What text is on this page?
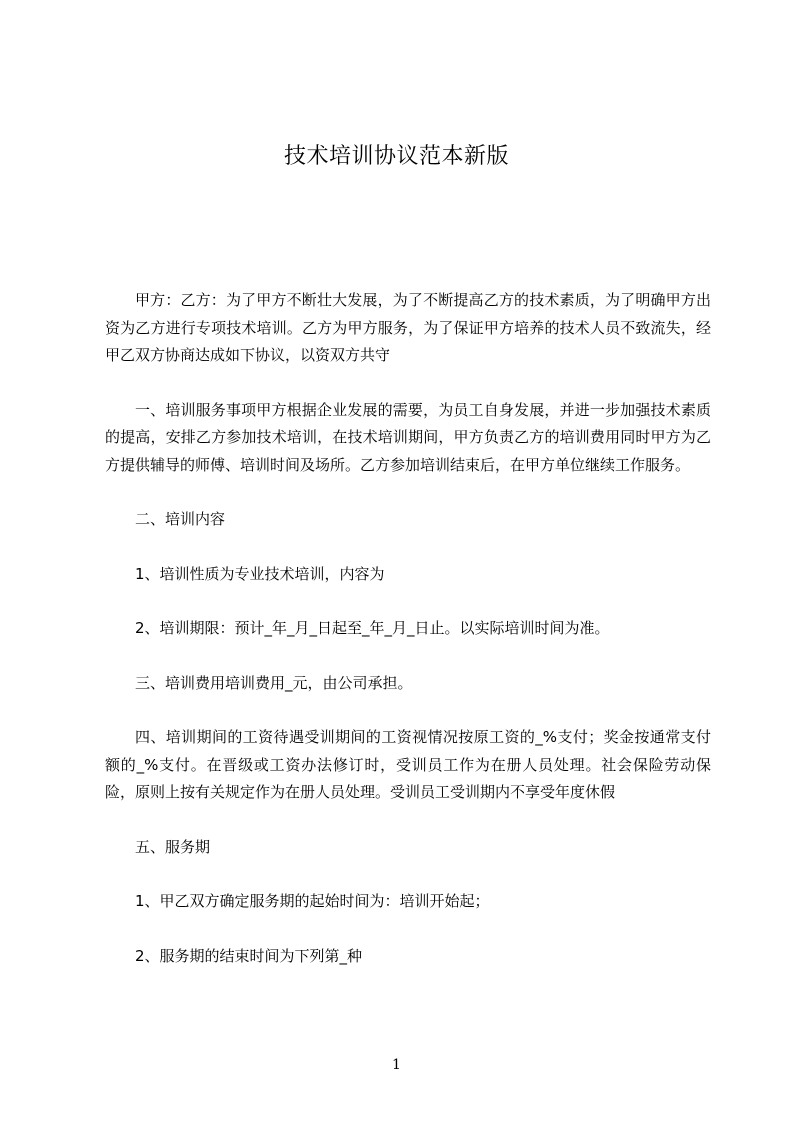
技术培训协议范本新版

甲方：乙方：为了甲方不断壮大发展，为了不断提高乙方的技术素质，为了明确甲方出资为乙方进行专项技术培训。乙方为甲方服务，为了保证甲方培养的技术人员不致流失，经甲乙双方协商达成如下协议，以资双方共守

一、培训服务事项甲方根据企业发展的需要，为员工自身发展，并进一步加强技术素质的提高，安排乙方参加技术培训，在技术培训期间，甲方负责乙方的培训费用同时甲方为乙方提供辅导的师傅、培训时间及场所。乙方参加培训结束后，在甲方单位继续工作服务。

二、培训内容

1、培训性质为专业技术培训，内容为

2、培训期限：预计_年_月_日起至_年_月_日止。以实际培训时间为准。

三、培训费用培训费用_元，由公司承担。

四、培训期间的工资待遇受训期间的工资视情况按原工资的_%支付；奖金按通常支付额的_%支付。在晋级或工资办法修订时，受训员工作为在册人员处理。社会保险劳动保险，原则上按有关规定作为在册人员处理。受训员工受训期内不享受年度休假

五、服务期

1、甲乙双方确定服务期的起始时间为：培训开始起；

2、服务期的结束时间为下列第_种

1
